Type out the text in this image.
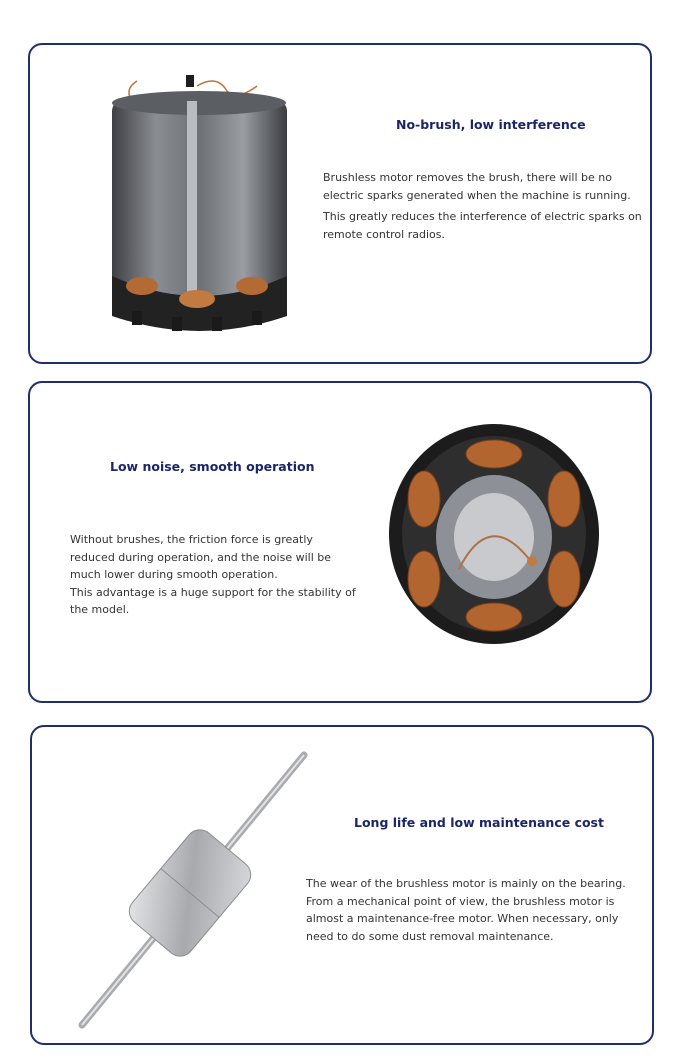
No-brush, low interference

Brushless motor removes the brush, there will be no electric sparks generated when the machine is running.

This greatly reduces the interference of electric sparks on remote control radios.

Low noise, smooth operation

Without brushes, the friction force is greatly reduced during operation, and the noise will be much lower during smooth operation.

This advantage is a huge support for the stability of the model.

Long life and low maintenance cost

The wear of the brushless motor is mainly on the bearing.

From a mechanical point of view, the brushless motor is almost a maintenance-free motor. When necessary, only need to do some dust removal maintenance.
